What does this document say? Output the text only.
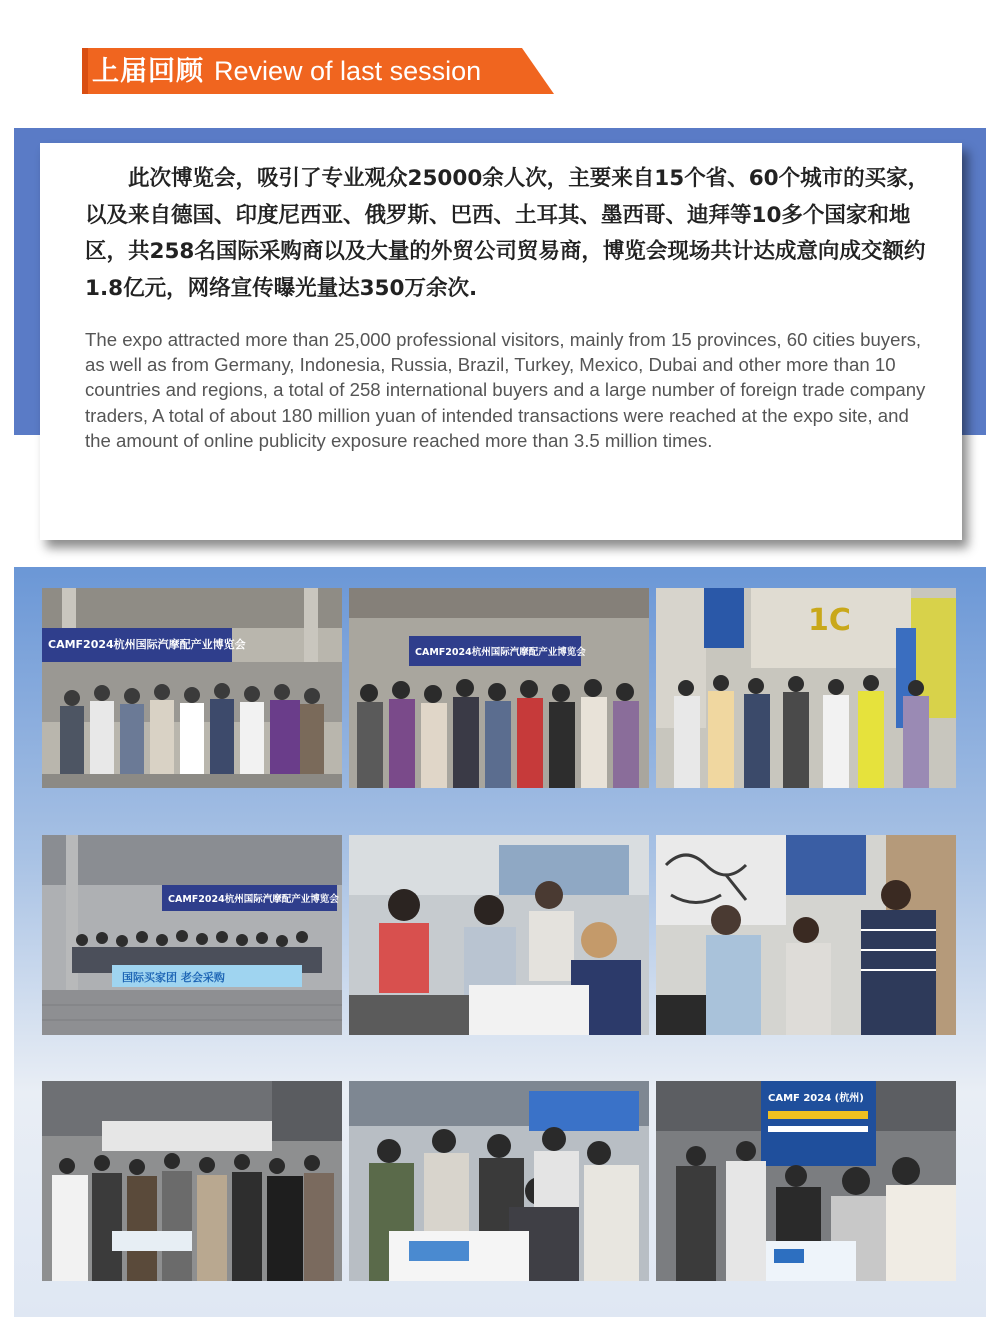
上届回顾 Review of last session

此次博览会，吸引了专业观众25000余人次，主要来自15个省、60个城市的买家，以及来自德国、印度尼西亚、俄罗斯、巴西、土耳其、墨西哥、迪拜等10多个国家和地区，共258名国际采购商以及大量的外贸公司贸易商，博览会现场共计达成意向成交额约1.8亿元，网络宣传曝光量达350万余次.

The expo attracted more than 25,000 professional visitors, mainly from 15 provinces, 60 cities buyers, as well as from Germany, Indonesia, Russia, Brazil, Turkey, Mexico, Dubai and other more than 10 countries and regions, a total of 258 international buyers and a large number of foreign trade company traders, A total of about 180 million yuan of intended transactions were reached at the expo site, and the amount of online publicity exposure reached more than 3.5 million times.

CAMF2024杭州国际汽摩配产业博览会
CAMF2024杭州国际汽摩配产业博览会
1C
CAMF2024杭州国际汽摩配产业博览会
国际买家团 老会采购
CAMF 2024 (杭州)
